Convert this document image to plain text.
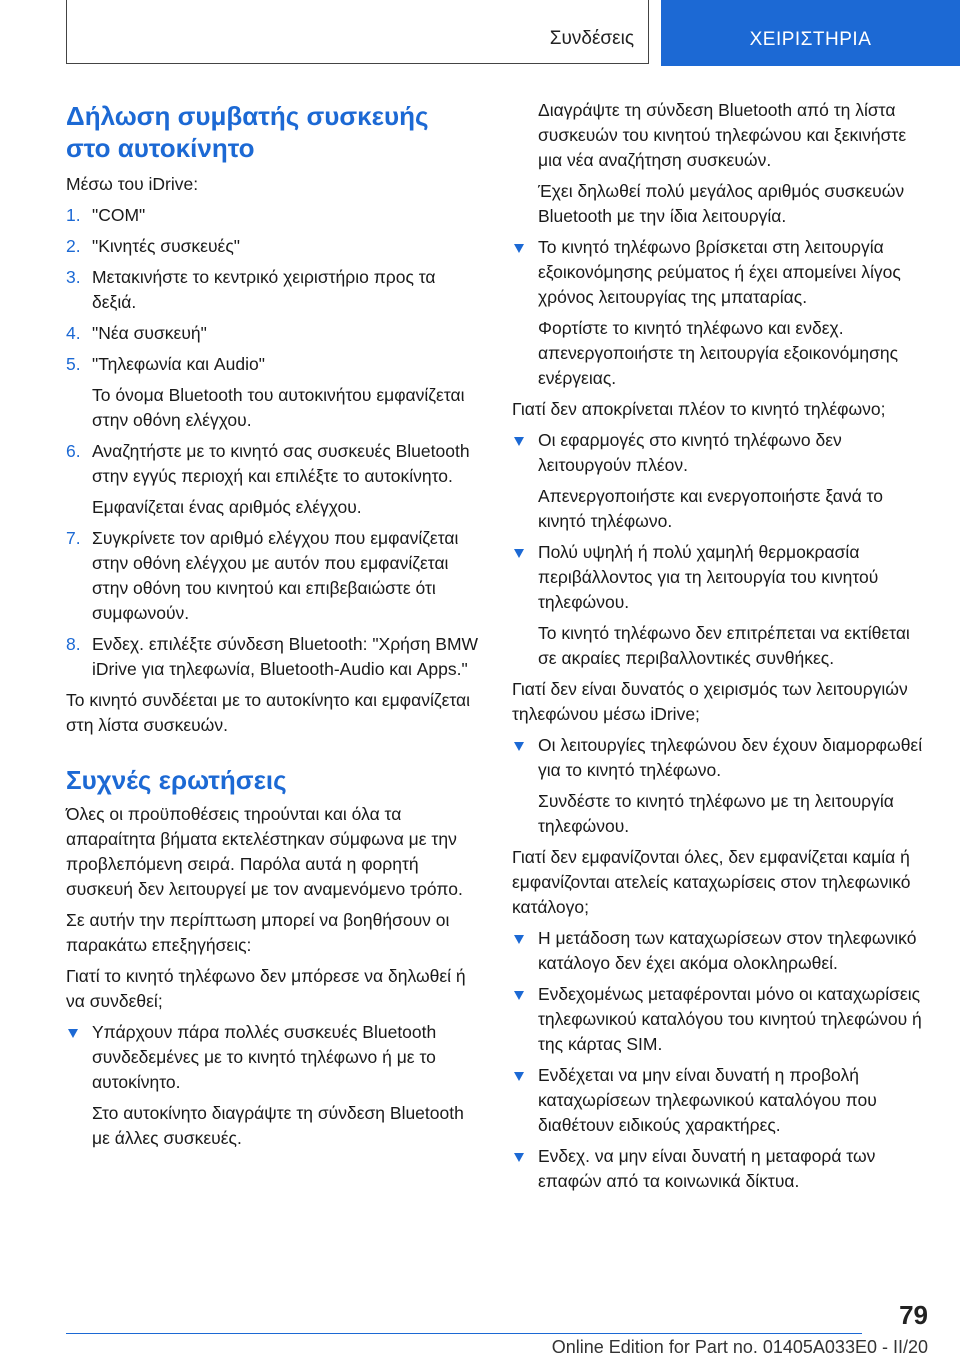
Συνδέσεις	ΧΕΙΡΙΣΤΗΡΙΑ
Δήλωση συμβατής συσκευής στο αυτοκίνητο

Μέσω του iDrive:

1. "COM"
2. "Κινητές συσκευές"
3. Μετακινήστε το κεντρικό χειριστήριο προς τα δεξιά.
4. "Νέα συσκευή"
5. "Τηλεφωνία και Audio"

Το όνομα Bluetooth του αυτοκινήτου εμφανίζεται στην οθόνη ελέγχου.

6. Αναζητήστε με το κινητό σας συσκευές Bluetooth στην εγγύς περιοχή και επιλέξτε το αυτοκίνητο.

Εμφανίζεται ένας αριθμός ελέγχου.

7. Συγκρίνετε τον αριθμό ελέγχου που εμφανίζεται στην οθόνη ελέγχου με αυτόν που εμφανίζεται στην οθόνη του κινητού και επιβεβαιώστε ότι συμφωνούν.
8. Ενδεχ. επιλέξτε σύνδεση Bluetooth: "Χρήση BMW iDrive για τηλεφωνία, Bluetooth-Audio και Apps."

Το κινητό συνδέεται με το αυτοκίνητο και εμφανίζεται στη λίστα συσκευών.

Συχνές ερωτήσεις

Όλες οι προϋποθέσεις τηρούνται και όλα τα απαραίτητα βήματα εκτελέστηκαν σύμφωνα με την προβλεπόμενη σειρά. Παρόλα αυτά η φορητή συσκευή δεν λειτουργεί με τον αναμενόμενο τρόπο.

Σε αυτήν την περίπτωση μπορεί να βοηθήσουν οι παρακάτω επεξηγήσεις:

Γιατί το κινητό τηλέφωνο δεν μπόρεσε να δηλωθεί ή να συνδεθεί;

Υπάρχουν πάρα πολλές συσκευές Bluetooth συνδεδεμένες με το κινητό τηλέφωνο ή με το αυτοκίνητο.

Στο αυτοκίνητο διαγράψτε τη σύνδεση Bluetooth με άλλες συσκευές.

Διαγράψτε τη σύνδεση Bluetooth από τη λίστα συσκευών του κινητού τηλεφώνου και ξεκινήστε μια νέα αναζήτηση συσκευών.

Έχει δηλωθεί πολύ μεγάλος αριθμός συσκευών Bluetooth με την ίδια λειτουργία.

Το κινητό τηλέφωνο βρίσκεται στη λειτουργία εξοικονόμησης ρεύματος ή έχει απομείνει λίγος χρόνος λειτουργίας της μπαταρίας.

Φορτίστε το κινητό τηλέφωνο και ενδεχ. απενεργοποιήστε τη λειτουργία εξοικονόμησης ενέργειας.

Γιατί δεν αποκρίνεται πλέον το κινητό τηλέφωνο;

Οι εφαρμογές στο κινητό τηλέφωνο δεν λειτουργούν πλέον.

Απενεργοποιήστε και ενεργοποιήστε ξανά το κινητό τηλέφωνο.

Πολύ υψηλή ή πολύ χαμηλή θερμοκρασία περιβάλλοντος για τη λειτουργία του κινητού τηλεφώνου.

Το κινητό τηλέφωνο δεν επιτρέπεται να εκτίθεται σε ακραίες περιβαλλοντικές συνθήκες.

Γιατί δεν είναι δυνατός ο χειρισμός των λειτουργιών τηλεφώνου μέσω iDrive;

Οι λειτουργίες τηλεφώνου δεν έχουν διαμορφωθεί για το κινητό τηλέφωνο.

Συνδέστε το κινητό τηλέφωνο με τη λειτουργία τηλεφώνου.

Γιατί δεν εμφανίζονται όλες, δεν εμφανίζεται καμία ή εμφανίζονται ατελείς καταχωρίσεις στον τηλεφωνικό κατάλογο;

Η μετάδοση των καταχωρίσεων στον τηλεφωνικό κατάλογο δεν έχει ακόμα ολοκληρωθεί.
Ενδεχομένως μεταφέρονται μόνο οι καταχωρίσεις τηλεφωνικού καταλόγου του κινητού τηλεφώνου ή της κάρτας SIM.
Ενδέχεται να μην είναι δυνατή η προβολή καταχωρίσεων τηλεφωνικού καταλόγου που διαθέτουν ειδικούς χαρακτήρες.
Ενδεχ. να μην είναι δυνατή η μεταφορά των επαφών από τα κοινωνικά δίκτυα.
79
Online Edition for Part no. 01405A033E0 - II/20
